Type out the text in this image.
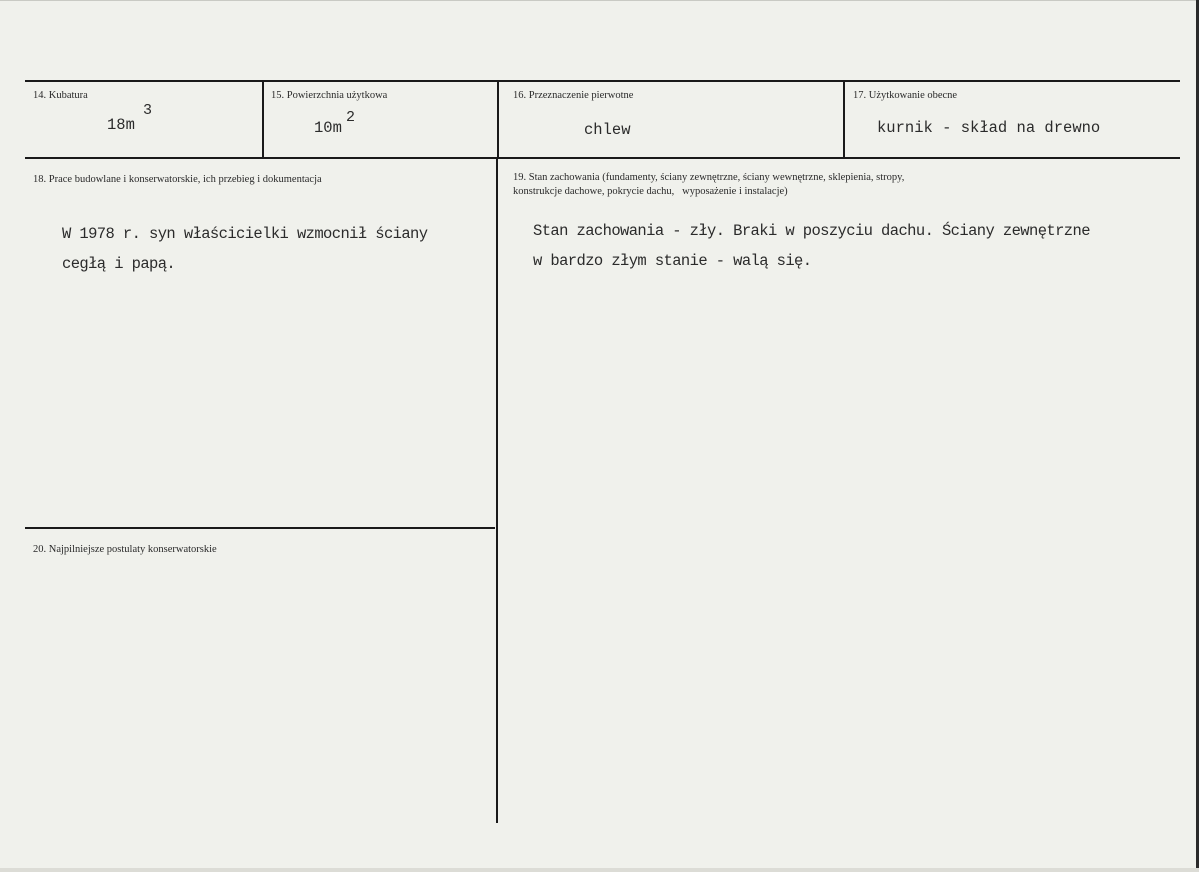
14. Kubatura
18m
3
15. Powierzchnia użytkowa
10m
2
16. Przeznaczenie pierwotne
chlew
17. Użytkowanie obecne
kurnik - skład na drewno
18. Prace budowlane i konserwatorskie, ich przebieg i dokumentacja
W 1978 r. syn właścicielki wzmocnił ściany
cegłą i papą.
19. Stan zachowania (fundamenty, ściany zewnętrzne, ściany wewnętrzne, sklepienia, stropy,
konstrukcje dachowe, pokrycie dachu,   wyposażenie i instalacje)
Stan zachowania - zły. Braki w poszyciu dachu. Ściany zewnętrzne
w bardzo złym stanie - walą się.
20. Najpilniejsze postulaty konserwatorskie
